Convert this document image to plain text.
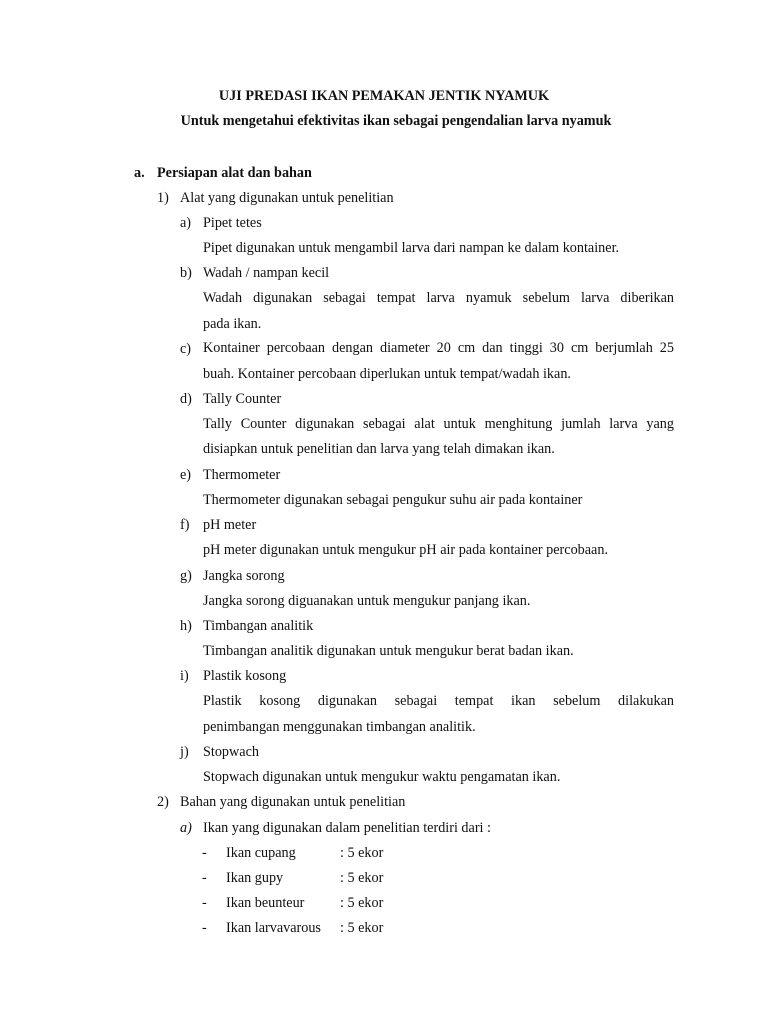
UJI PREDASI IKAN PEMAKAN JENTIK NYAMUK
Untuk mengetahui efektivitas ikan sebagai pengendalian larva nyamuk
a. Persiapan alat dan bahan
1) Alat yang digunakan untuk penelitian
a) Pipet tetes
Pipet digunakan untuk mengambil larva dari nampan ke dalam kontainer.
b) Wadah / nampan kecil
Wadah digunakan sebagai tempat larva nyamuk sebelum larva diberikan
pada ikan.
c) Kontainer percobaan dengan diameter 20 cm dan tinggi 30 cm berjumlah 25
buah. Kontainer percobaan diperlukan untuk tempat/wadah ikan.
d) Tally Counter
Tally Counter digunakan sebagai alat untuk menghitung jumlah larva yang
disiapkan untuk penelitian dan larva yang telah dimakan ikan.
e) Thermometer
Thermometer digunakan sebagai pengukur suhu air pada kontainer
f) pH meter
pH meter digunakan untuk mengukur pH air pada kontainer percobaan.
g) Jangka sorong
Jangka sorong diguanakan untuk mengukur panjang ikan.
h) Timbangan analitik
Timbangan analitik digunakan untuk mengukur berat badan ikan.
i) Plastik kosong
Plastik kosong digunakan sebagai tempat ikan sebelum dilakukan
penimbangan menggunakan timbangan analitik.
j) Stopwach
Stopwach digunakan untuk mengukur waktu pengamatan ikan.
2) Bahan yang digunakan untuk penelitian
a) Ikan yang digunakan dalam penelitian terdiri dari :
- Ikan cupang	: 5 ekor
- Ikan gupy	: 5 ekor
- Ikan beunteur	: 5 ekor
- Ikan larvavarous : 5 ekor
